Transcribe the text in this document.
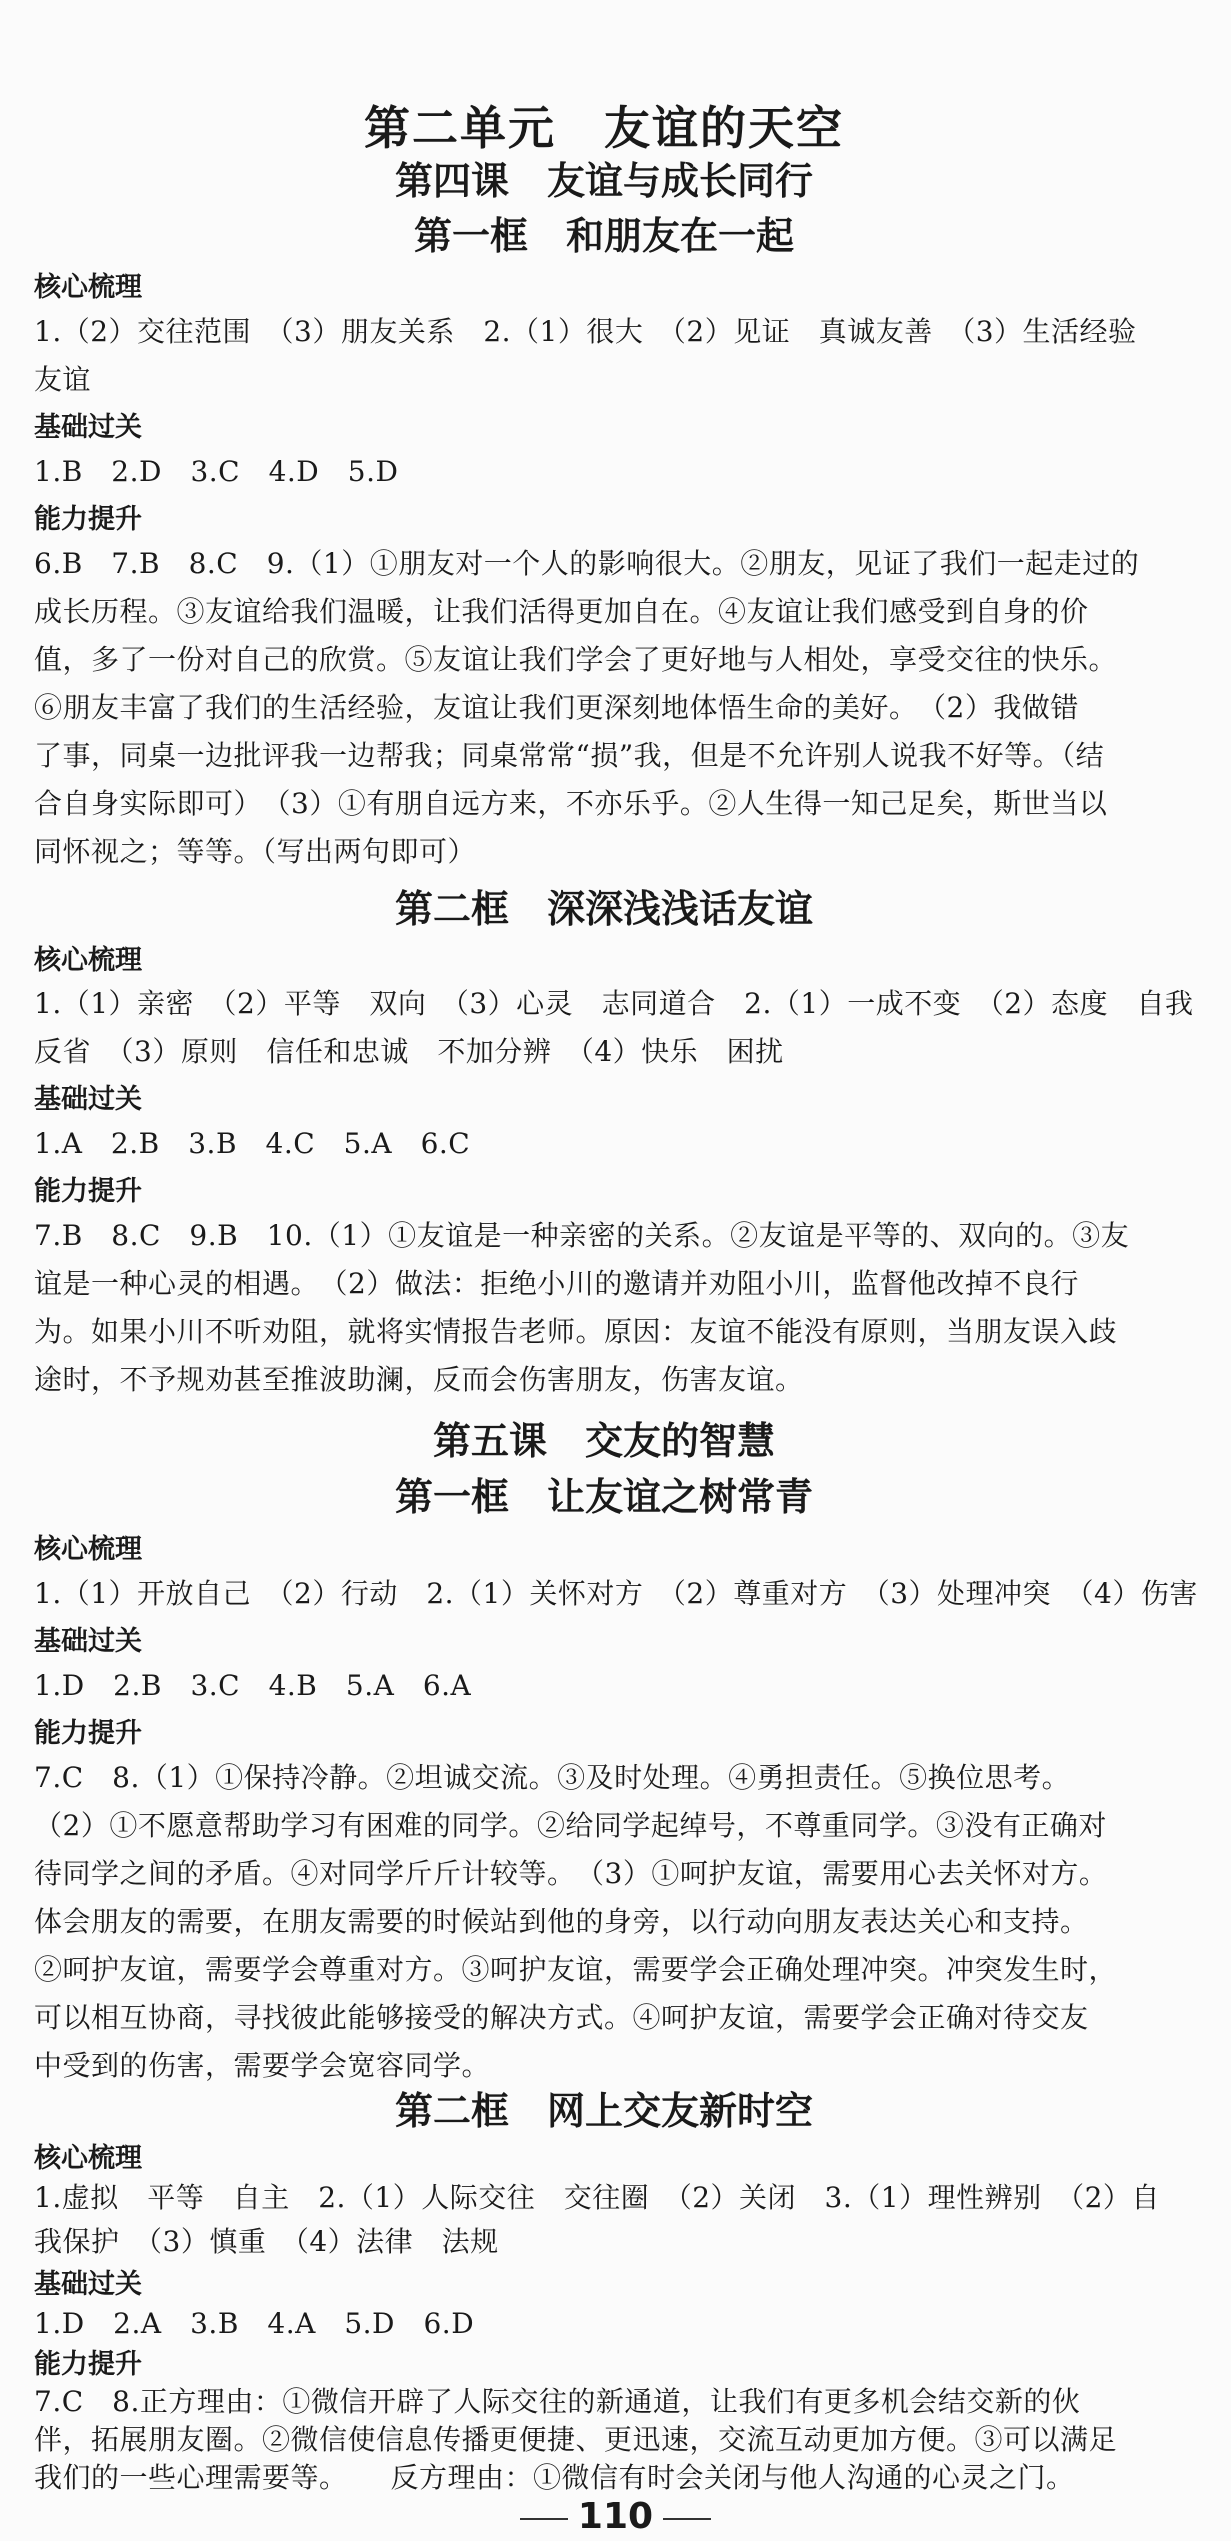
第二单元　友谊的天空
第四课　友谊与成长同行
第一框　和朋友在一起
核心梳理
1.（2）交往范围　（3）朋友关系　2.（1）很大　（2）见证　真诚友善　（3）生活经验
友谊
基础过关
1.B　2.D　3.C　4.D　5.D
能力提升
6.B　7.B　8.C　9.（1）①朋友对一个人的影响很大。②朋友，见证了我们一起走过的
成长历程。③友谊给我们温暖，让我们活得更加自在。④友谊让我们感受到自身的价
值，多了一份对自己的欣赏。⑤友谊让我们学会了更好地与人相处，享受交往的快乐。
⑥朋友丰富了我们的生活经验，友谊让我们更深刻地体悟生命的美好。　（2）我做错
了事，同桌一边批评我一边帮我；同桌常常“损”我，但是不允许别人说我不好等。（结
合自身实际即可）　（3）①有朋自远方来，不亦乐乎。②人生得一知己足矣，斯世当以
同怀视之；等等。（写出两句即可）
第二框　深深浅浅话友谊
核心梳理
1.（1）亲密　（2）平等　双向　（3）心灵　志同道合　2.（1）一成不变　（2）态度　自我
反省　（3）原则　信任和忠诚　不加分辨　（4）快乐　困扰
基础过关
1.A　2.B　3.B　4.C　5.A　6.C
能力提升
7.B　8.C　9.B　10.（1）①友谊是一种亲密的关系。②友谊是平等的、双向的。③友
谊是一种心灵的相遇。　（2）做法：拒绝小川的邀请并劝阻小川，监督他改掉不良行
为。如果小川不听劝阻，就将实情报告老师。原因：友谊不能没有原则，当朋友误入歧
途时，不予规劝甚至推波助澜，反而会伤害朋友，伤害友谊。
第五课　交友的智慧
第一框　让友谊之树常青
核心梳理
1.（1）开放自己　（2）行动　2.（1）关怀对方　（2）尊重对方　（3）处理冲突　（4）伤害
基础过关
1.D　2.B　3.C　4.B　5.A　6.A
能力提升
7.C　8.（1）①保持冷静。②坦诚交流。③及时处理。④勇担责任。⑤换位思考。
（2）①不愿意帮助学习有困难的同学。②给同学起绰号，不尊重同学。③没有正确对
待同学之间的矛盾。④对同学斤斤计较等。　（3）①呵护友谊，需要用心去关怀对方。
体会朋友的需要，在朋友需要的时候站到他的身旁，以行动向朋友表达关心和支持。
②呵护友谊，需要学会尊重对方。③呵护友谊，需要学会正确处理冲突。冲突发生时，
可以相互协商，寻找彼此能够接受的解决方式。④呵护友谊，需要学会正确对待交友
中受到的伤害，需要学会宽容同学。
第二框　网上交友新时空
核心梳理
1.虚拟　平等　自主　2.（1）人际交往　交往圈　（2）关闭　3.（1）理性辨别　（2）自
我保护　（3）慎重　（4）法律　法规
基础过关
1.D　2.A　3.B　4.A　5.D　6.D
能力提升
7.C　8.正方理由：①微信开辟了人际交往的新通道，让我们有更多机会结交新的伙
伴，拓展朋友圈。②微信使信息传播更便捷、更迅速，交流互动更加方便。③可以满足
我们的一些心理需要等。　　反方理由：①微信有时会关闭与他人沟通的心灵之门。
110
